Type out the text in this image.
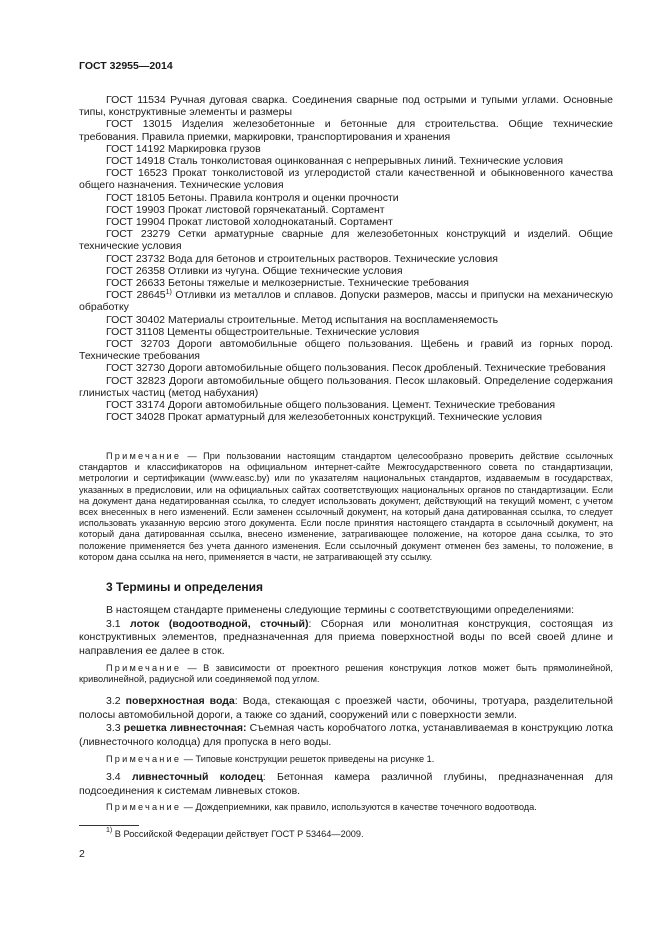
ГОСТ 32955—2014
ГОСТ 11534 Ручная дуговая сварка. Соединения сварные под острыми и тупыми углами. Основные типы, конструктивные элементы и размеры
ГОСТ 13015 Изделия железобетонные и бетонные для строительства. Общие технические требования. Правила приемки, маркировки, транспортирования и хранения
ГОСТ 14192 Маркировка грузов
ГОСТ 14918 Сталь тонколистовая оцинкованная с непрерывных линий. Технические условия
ГОСТ 16523 Прокат тонколистовой из углеродистой стали качественной и обыкновенного качества общего назначения. Технические условия
ГОСТ 18105 Бетоны. Правила контроля и оценки прочности
ГОСТ 19903 Прокат листовой горячекатаный. Сортамент
ГОСТ 19904 Прокат листовой холоднокатаный. Сортамент
ГОСТ 23279 Сетки арматурные сварные для железобетонных конструкций и изделий. Общие технические условия
ГОСТ 23732 Вода для бетонов и строительных растворов. Технические условия
ГОСТ 26358 Отливки из чугуна. Общие технические условия
ГОСТ 26633 Бетоны тяжелые и мелкозернистые. Технические требования
ГОСТ 28645$^{1)}$ Отливки из металлов и сплавов. Допуски размеров, массы и припуски на механическую обработку
ГОСТ 30402 Материалы строительные. Метод испытания на воспламеняемость
ГОСТ 31108 Цементы общестроительные. Технические условия
ГОСТ 32703 Дороги автомобильные общего пользования. Щебень и гравий из горных пород. Технические требования
ГОСТ 32730 Дороги автомобильные общего пользования. Песок дробленый. Технические требования
ГОСТ 32823 Дороги автомобильные общего пользования. Песок шлаковый. Определение содержания глинистых частиц (метод набухания)
ГОСТ 33174 Дороги автомобильные общего пользования. Цемент. Технические требования
ГОСТ 34028 Прокат арматурный для железобетонных конструкций. Технические условия

Примечание — При пользовании настоящим стандартом целесообразно проверить действие ссылочных стандартов и классификаторов на официальном интернет-сайте Межгосударственного совета по стандартизации, метрологии и сертификации (www.easc.by) или по указателям национальных стандартов, издаваемым в государствах, указанных в предисловии, или на официальных сайтах соответствующих национальных органов по стандартизации. Если на документ дана недатированная ссылка, то следует использовать документ, действующий на текущий момент, с учетом всех внесенных в него изменений. Если заменен ссылочный документ, на который дана датированная ссылка, то следует использовать указанную версию этого документа. Если после принятия настоящего стандарта в ссылочный документ, на который дана датированная ссылка, внесено изменение, затрагивающее положение, на которое дана ссылка, то это положение применяется без учета данного изменения. Если ссылочный документ отменен без замены, то положение, в котором дана ссылка на него, применяется в части, не затрагивающей эту ссылку.

3 Термины и определения

В настоящем стандарте применены следующие термины с соответствующими определениями:

3.1 лоток (водоотводной, сточный): Сборная или монолитная конструкция, состоящая из конструктивных элементов, предназначенная для приема поверхностной воды по всей своей длине и направления ее далее в сток.

Примечание — В зависимости от проектного решения конструкция лотков может быть прямолинейной, криволинейной, радиусной или соединяемой под углом.

3.2 поверхностная вода: Вода, стекающая с проезжей части, обочины, тротуара, разделительной полосы автомобильной дороги, а также со зданий, сооружений или с поверхности земли.

3.3 решетка ливнесточная: Съемная часть коробчатого лотка, устанавливаемая в конструкцию лотка (ливнесточного колодца) для пропуска в него воды.

Примечание — Типовые конструкции решеток приведены на рисунке 1.

3.4 ливнесточный колодец: Бетонная камера различной глубины, предназначенная для подсоединения к системам ливневых стоков.

Примечание — Дождеприемники, как правило, используются в качестве точечного водоотвода.

$^{1)}$ В Российской Федерации действует ГОСТ Р 53464—2009.
2
